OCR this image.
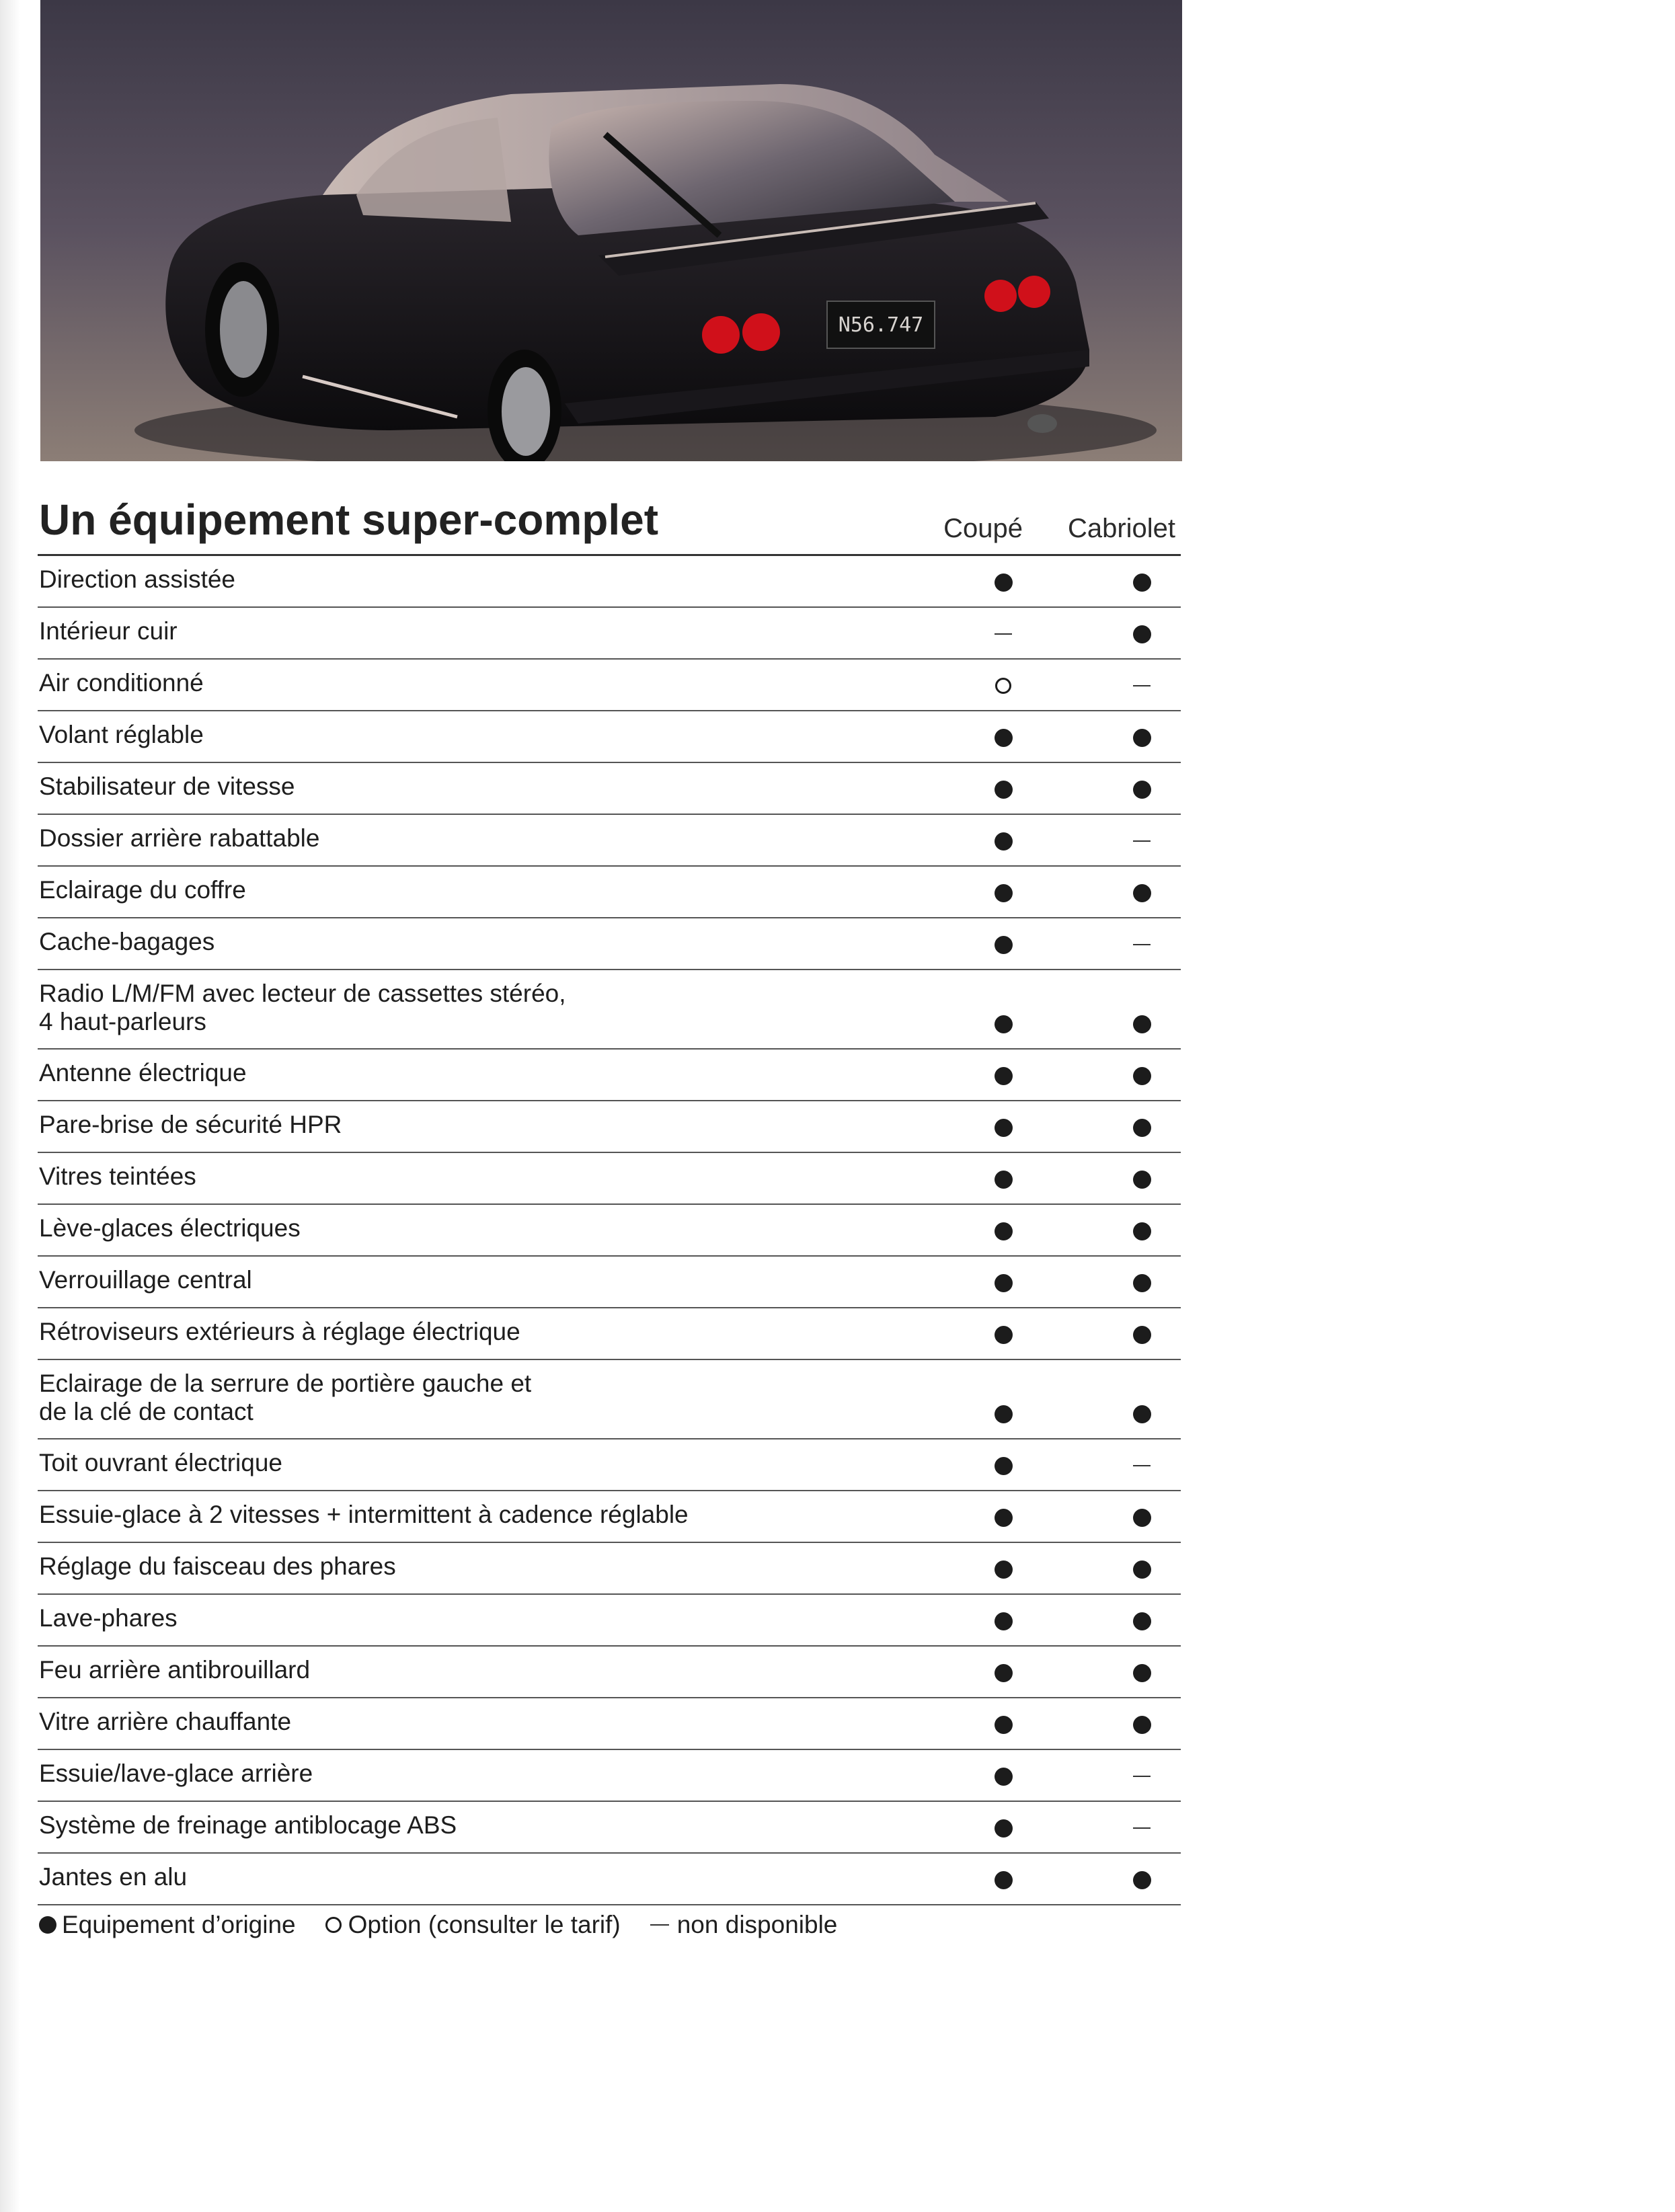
N56.747
Un équipement super-complet	Coupé	Cabriolet
Direction assistée
Intérieur cuir
Air conditionné
Volant réglable
Stabilisateur de vitesse
Dossier arrière rabattable
Eclairage du coffre
Cache-bagages
Radio L/M/FM avec lecteur de cassettes stéréo,
4 haut-parleurs
Antenne électrique
Pare-brise de sécurité HPR
Vitres teintées
Lève-glaces électriques
Verrouillage central
Rétroviseurs extérieurs à réglage électrique
Eclairage de la serrure de portière gauche et
de la clé de contact
Toit ouvrant électrique
Essuie-glace à 2 vitesses + intermittent à cadence réglable
Réglage du faisceau des phares
Lave-phares
Feu arrière antibrouillard
Vitre arrière chauffante
Essuie/lave-glace arrière
Système de freinage antiblocage ABS
Jantes en alu
Equipement d’origine Option (consulter le tarif) non disponible
